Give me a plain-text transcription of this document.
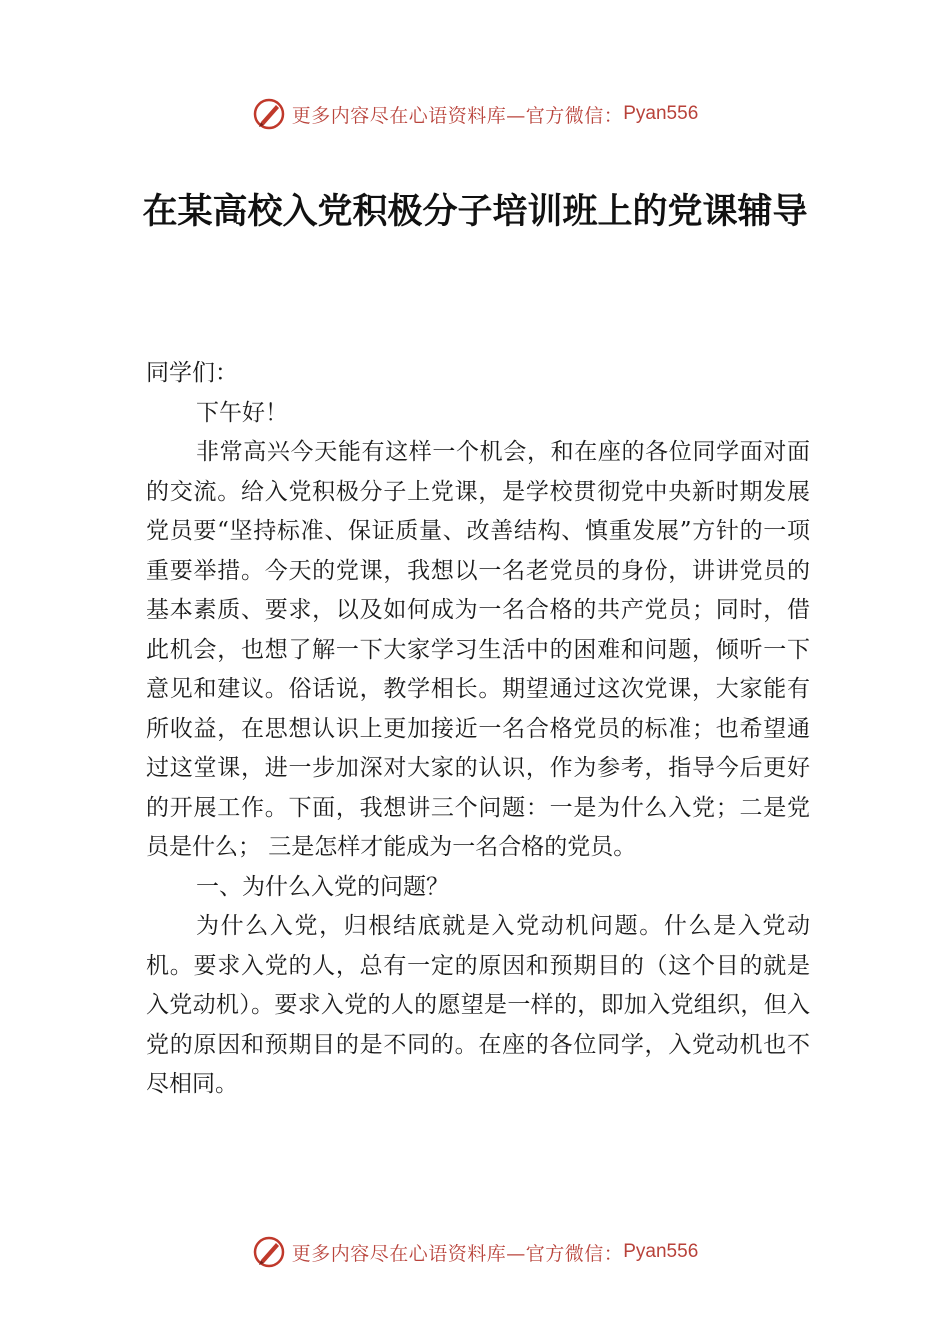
更多内容尽在心语资料库—官方微信： Pyan556
在某高校入党积极分子培训班上的党课辅导

同学们：

下午好！

非常高兴今天能有这样一个机会，和在座的各位同学面对面的交流。给入党积极分子上党课，是学校贯彻党中央新时期发展党员要“坚持标准、保证质量、改善结构、慎重发展”方针的一项重要举措。今天的党课，我想以一名老党员的身份，讲讲党员的基本素质、要求，以及如何成为一名合格的共产党员；同时，借此机会，也想了解一下大家学习生活中的困难和问题，倾听一下意见和建议。俗话说，教学相长。期望通过这次党课，大家能有所收益，在思想认识上更加接近一名合格党员的标准；也希望通过这堂课，进一步加深对大家的认识，作为参考，指导今后更好的开展工作。下面，我想讲三个问题：一是为什么入党；二是党员是什么； 三是怎样才能成为一名合格的党员。

一、为什么入党的问题？

为什么入党，归根结底就是入党动机问题。什么是入党动机。要求入党的人，总有一定的原因和预期目的（这个目的就是入党动机）。要求入党的人的愿望是一样的，即加入党组织，但入党的原因和预期目的是不同的。在座的各位同学，入党动机也不尽相同。

更多内容尽在心语资料库—官方微信： Pyan556
